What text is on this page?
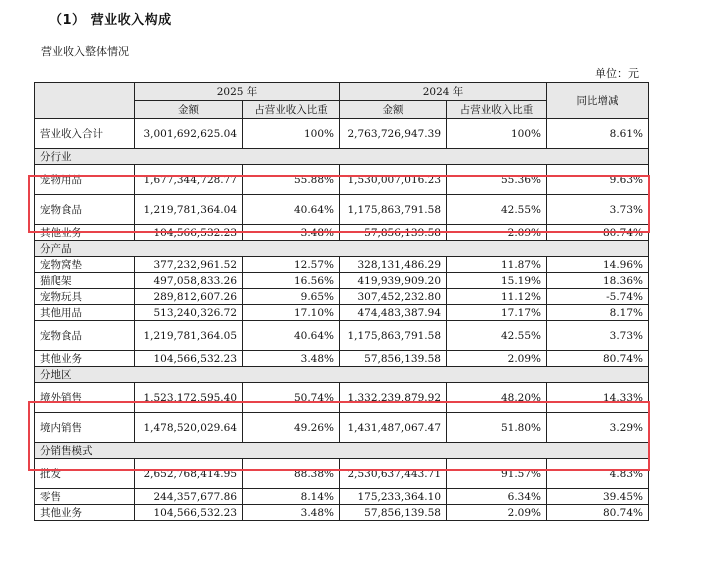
（1） 营业收入构成
营业收入整体情况
单位：元
	2025 年		2024 年		同比增减
	金额	占营业收入比重	金额	占营业收入比重	
营业收入合计	3,001,692,625.04	100%	2,763,726,947.39	100%	8.61%
分行业					
宠物用品	1,677,344,728.77	55.88%	1,530,007,016.23	55.36%	9.63%
宠物食品	1,219,781,364.04	40.64%	1,175,863,791.58	42.55%	3.73%
其他业务	104,566,532.23	3.48%	57,856,139.58	2.09%	80.74%
分产品					
宠物窝垫	377,232,961.52	12.57%	328,131,486.29	11.87%	14.96%
猫爬架	497,058,833.26	16.56%	419,939,909.20	15.19%	18.36%
宠物玩具	289,812,607.26	9.65%	307,452,232.80	11.12%	-5.74%
其他用品	513,240,326.72	17.10%	474,483,387.94	17.17%	8.17%
宠物食品	1,219,781,364.05	40.64%	1,175,863,791.58	42.55%	3.73%
其他业务	104,566,532.23	3.48%	57,856,139.58	2.09%	80.74%
分地区					
境外销售	1,523,172,595.40	50.74%	1,332,239,879.92	48.20%	14.33%
境内销售	1,478,520,029.64	49.26%	1,431,487,067.47	51.80%	3.29%
分销售模式					
批发	2,652,768,414.95	88.38%	2,530,637,443.71	91.57%	4.83%
零售	244,357,677.86	8.14%	175,233,364.10	6.34%	39.45%
其他业务	104,566,532.23	3.48%	57,856,139.58	2.09%	80.74%
